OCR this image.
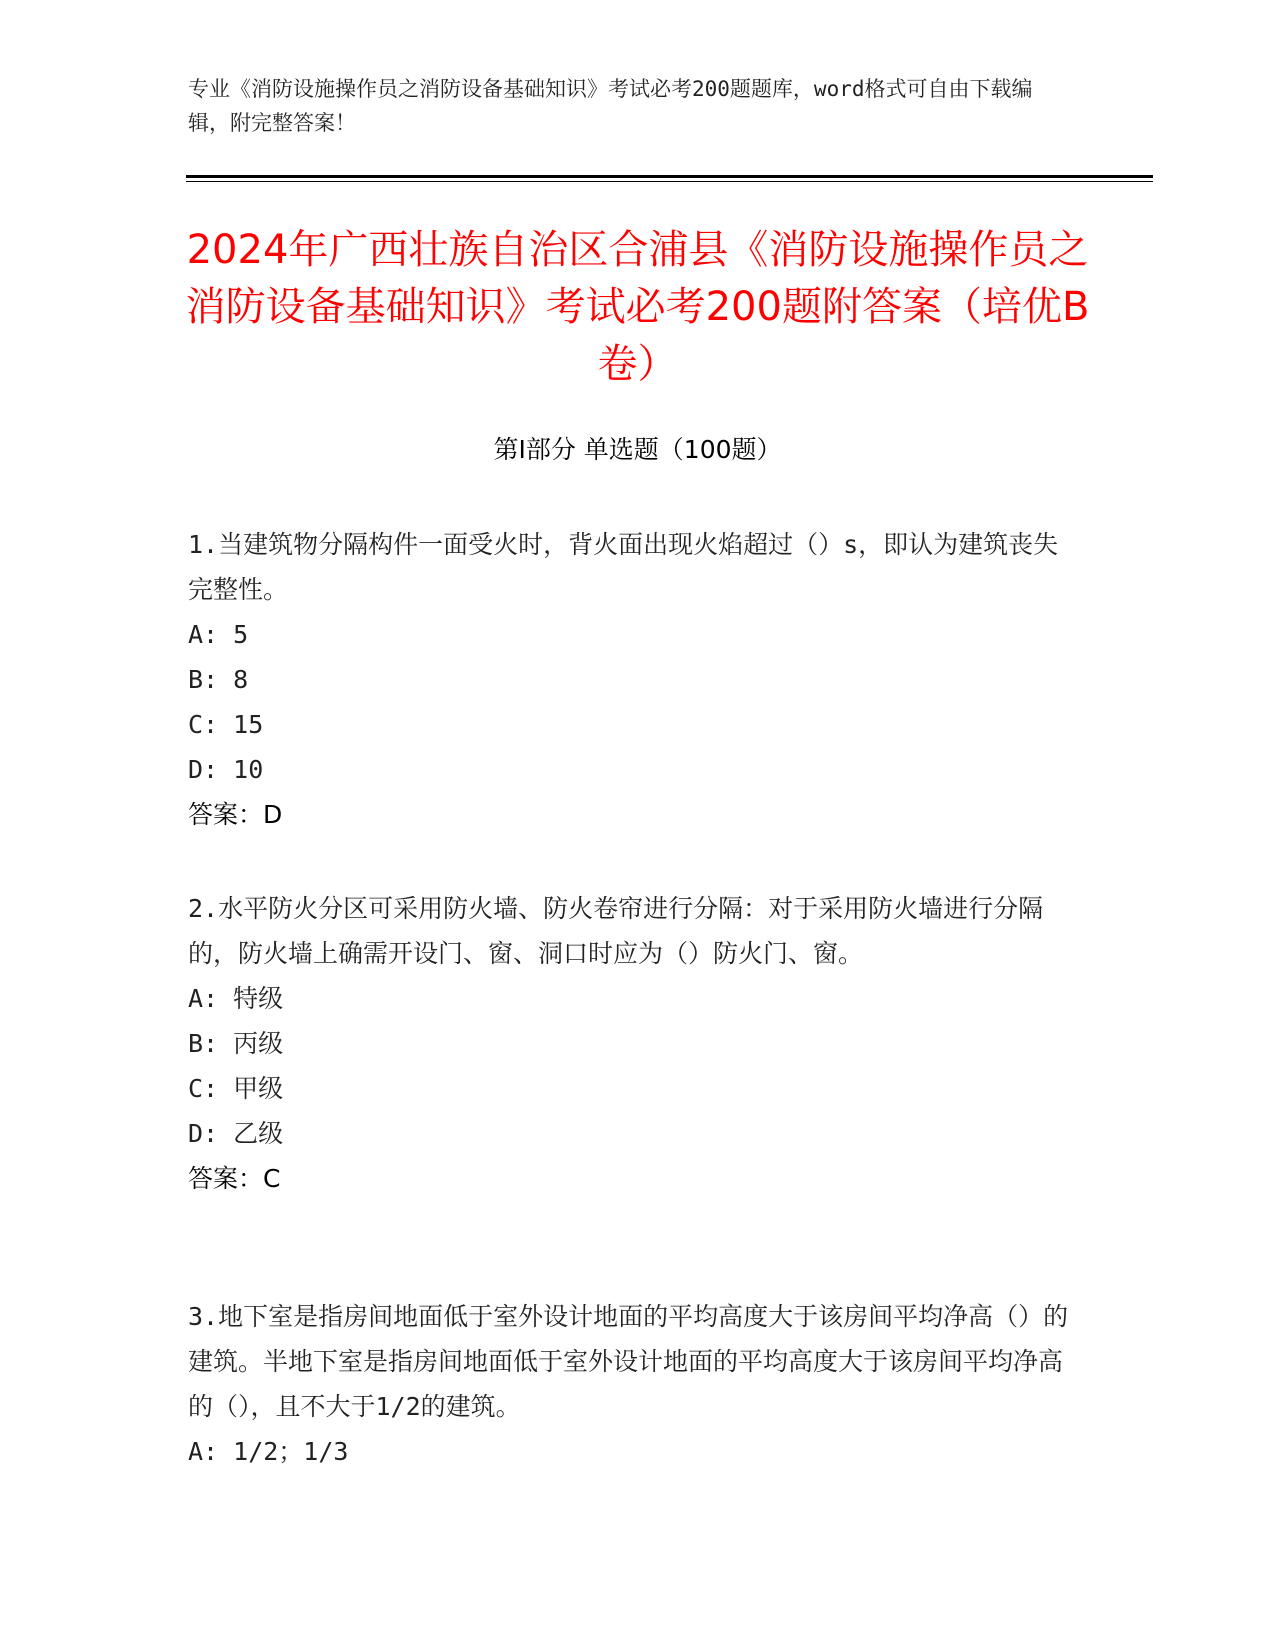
专业《消防设施操作员之消防设备基础知识》考试必考200题题库，word格式可自由下载编辑，附完整答案！
2024年广西壮族自治区合浦县《消防设施操作员之消防设备基础知识》考试必考200题附答案（培优B卷）
第I部分 单选题（100题）
1.当建筑物分隔构件一面受火时，背火面出现火焰超过（）s，即认为建筑丧失完整性。
A: 5
B: 8
C: 15
D: 10
答案：D
2.水平防火分区可采用防火墙、防火卷帘进行分隔：对于采用防火墙进行分隔的，防火墙上确需开设门、窗、洞口时应为（）防火门、窗。
A: 特级
B: 丙级
C: 甲级
D: 乙级
答案：C
3.地下室是指房间地面低于室外设计地面的平均高度大于该房间平均净高（）的建筑。半地下室是指房间地面低于室外设计地面的平均高度大于该房间平均净高的（），且不大于1/2的建筑。
A: 1/2；1/3
